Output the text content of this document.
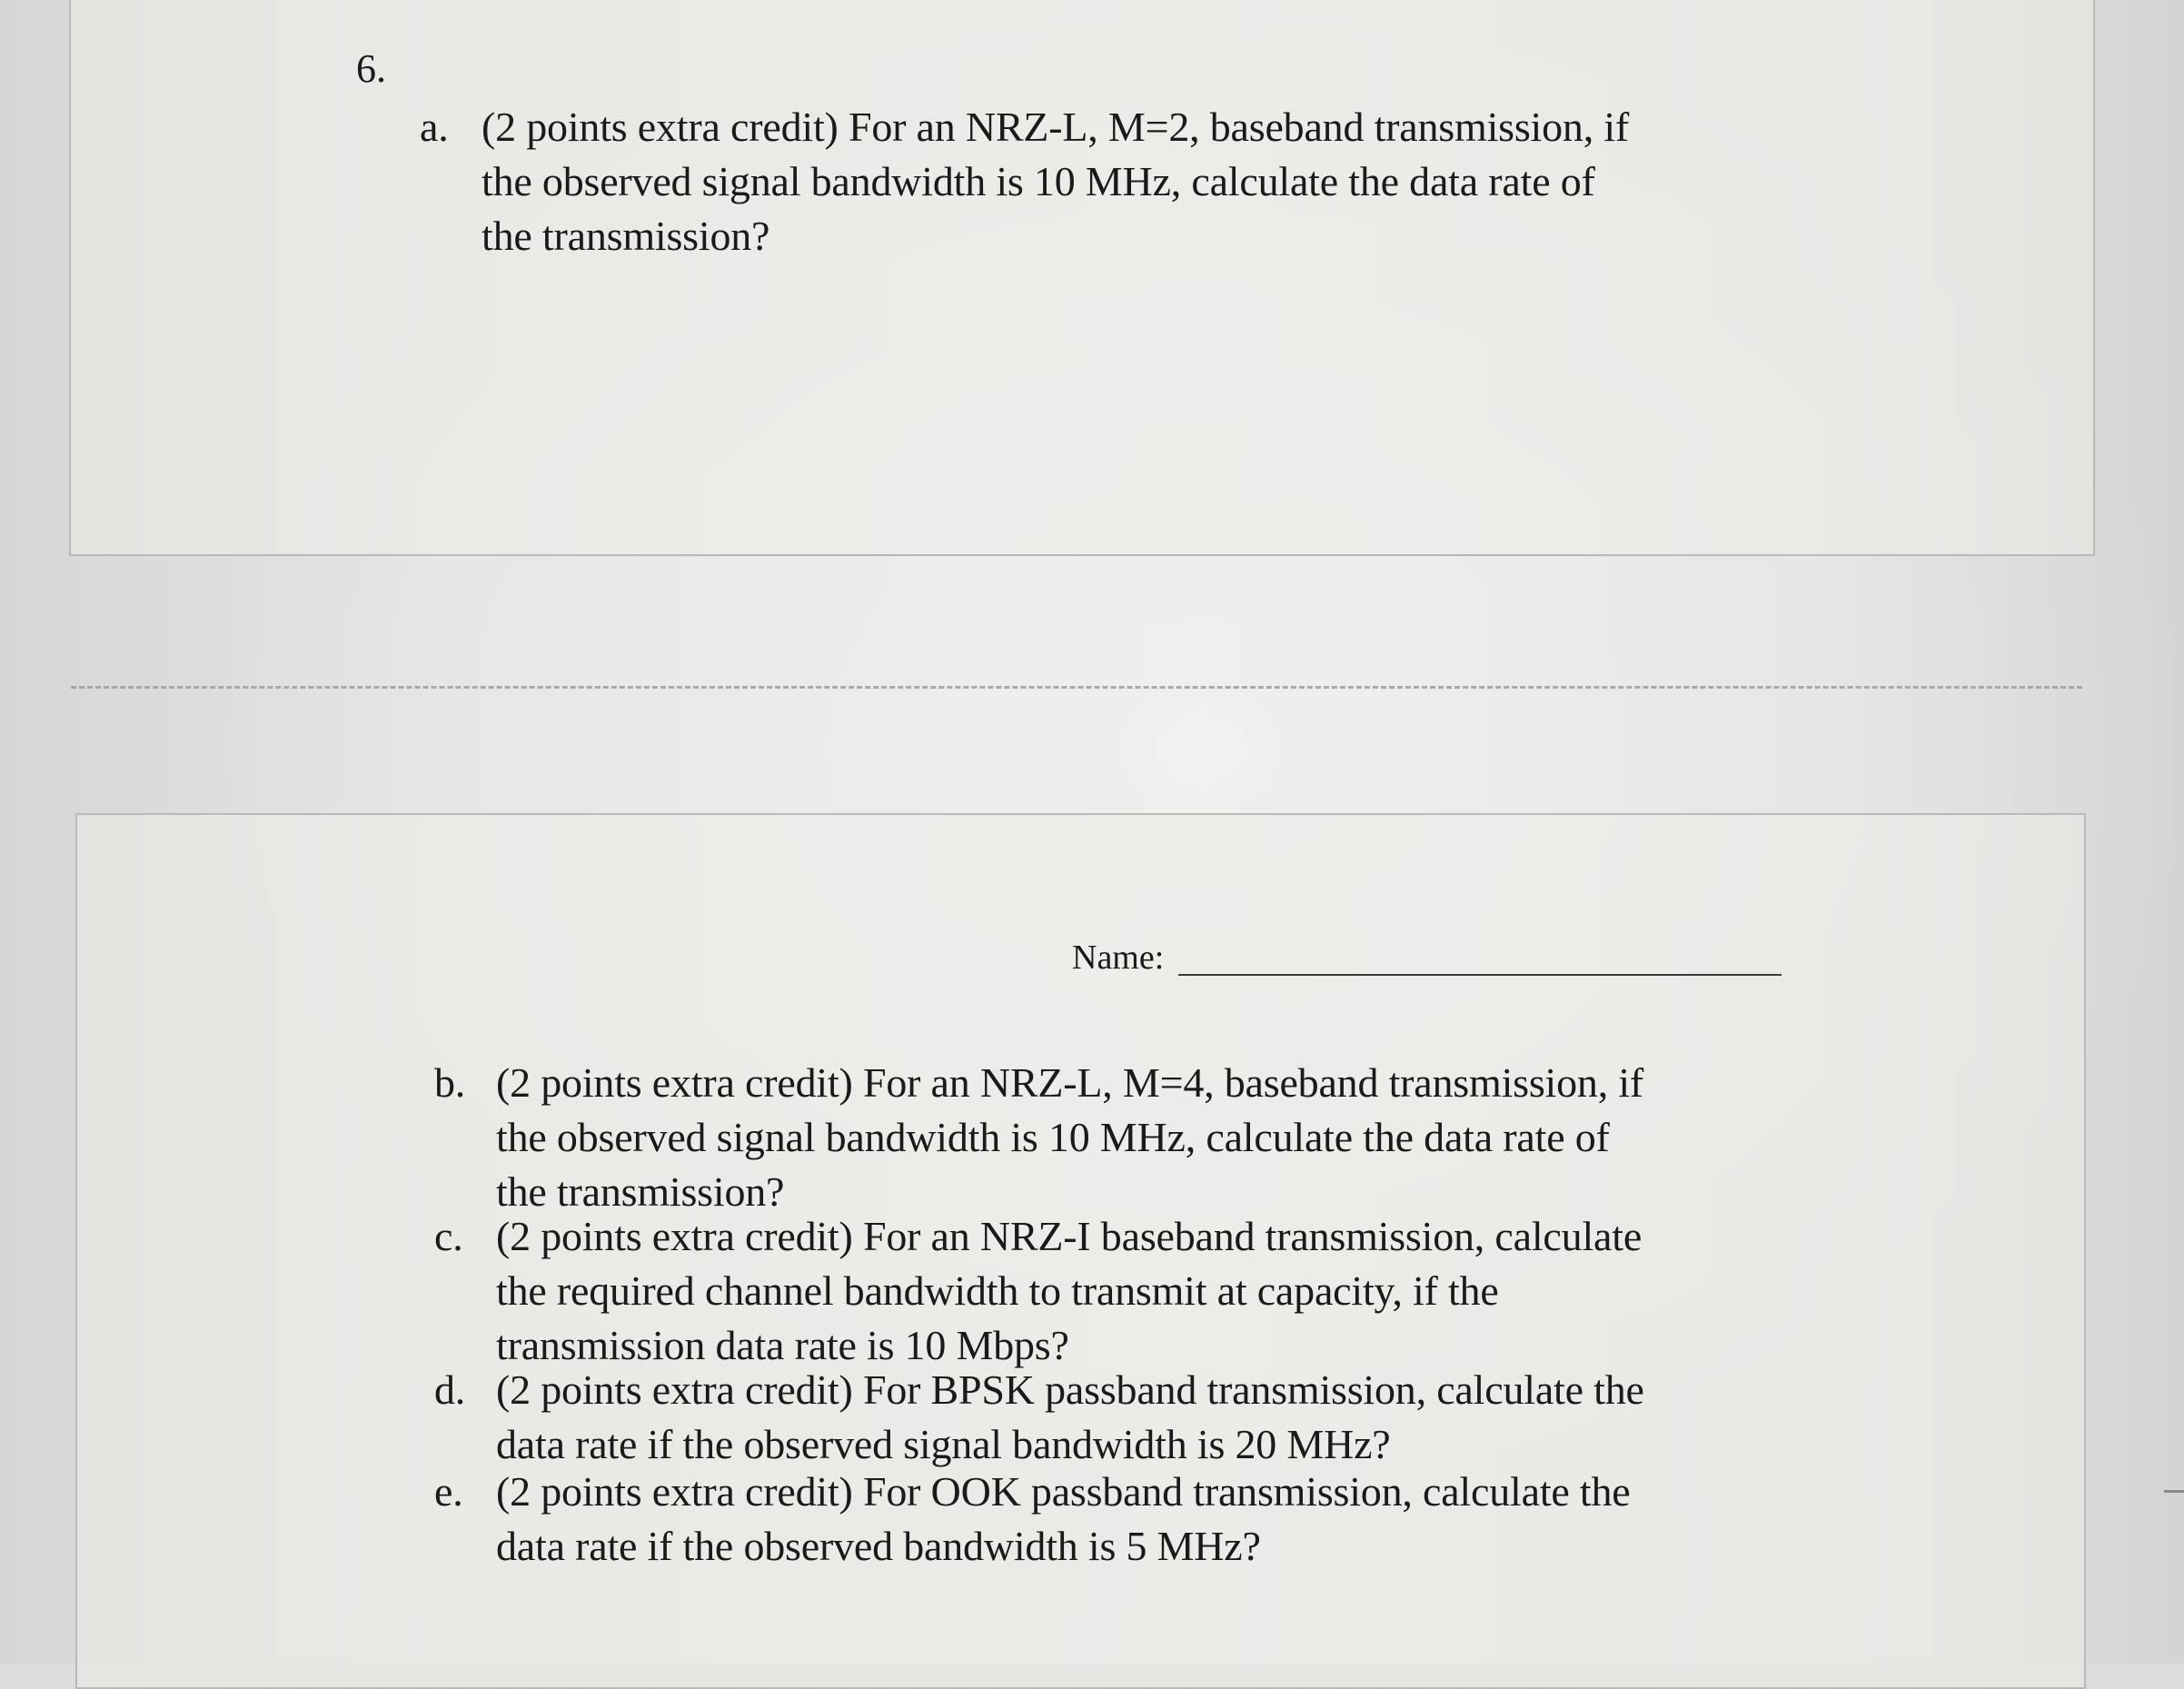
6.
a. (2 points extra credit) For an NRZ-L, M=2, baseband transmission, if
the observed signal bandwidth is 10 MHz, calculate the data rate of
the transmission?
Name:
b. (2 points extra credit) For an NRZ-L, M=4, baseband transmission, if
the observed signal bandwidth is 10 MHz, calculate the data rate of
the transmission?
c. (2 points extra credit) For an NRZ-I baseband transmission, calculate
the required channel bandwidth to transmit at capacity, if the
transmission data rate is 10 Mbps?
d. (2 points extra credit) For BPSK passband transmission, calculate the
data rate if the observed signal bandwidth is 20 MHz?
e. (2 points extra credit) For OOK passband transmission, calculate the
data rate if the observed bandwidth is 5 MHz?
